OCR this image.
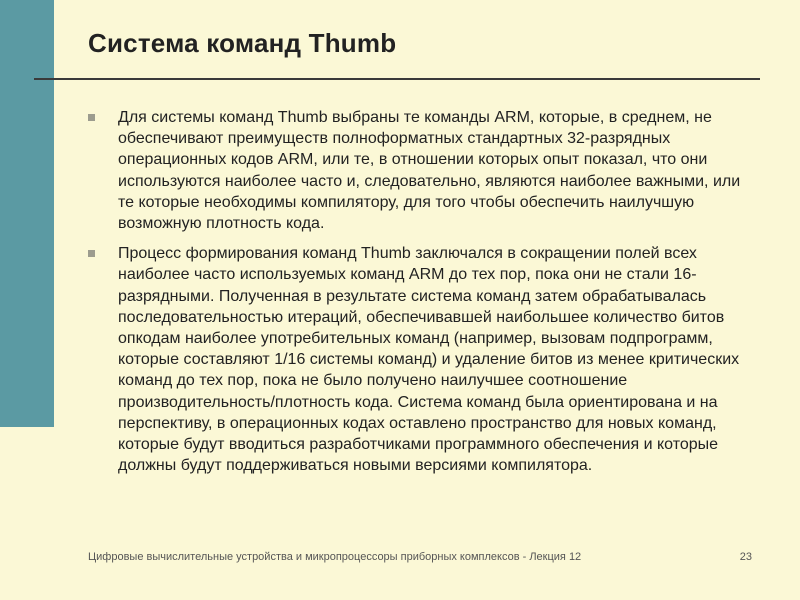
Система команд Thumb
Для системы команд Thumb выбраны те команды ARM, которые, в среднем, не обеспечивают преимуществ полноформатных стандартных 32-разрядных операционных кодов ARM, или те, в отношении которых опыт показал, что они используются наиболее часто и, следовательно, являются наиболее важными, или те которые необходимы компилятору, для того чтобы обеспечить наилучшую возможную плотность кода.
Процесс формирования команд Thumb заключался в сокращении полей всех наиболее часто используемых команд ARM до тех пор, пока они не стали 16-разрядными. Полученная в результате система команд затем обрабатывалась последовательностью итераций, обеспечивавшей наибольшее количество битов опкодам наиболее употребительных команд (например, вызовам подпрограмм, которые составляют 1/16 системы команд) и удаление битов из менее критических команд до тех пор, пока не было получено наилучшее соотношение производительность/плотность кода. Система команд была ориентирована и на перспективу, в операционных кодах оставлено пространство для новых команд, которые будут вводиться разработчиками программного обеспечения и которые должны будут поддерживаться новыми версиями компилятора.
Цифровые вычислительные устройства и микропроцессоры приборных комплексов - Лекция 12	23
